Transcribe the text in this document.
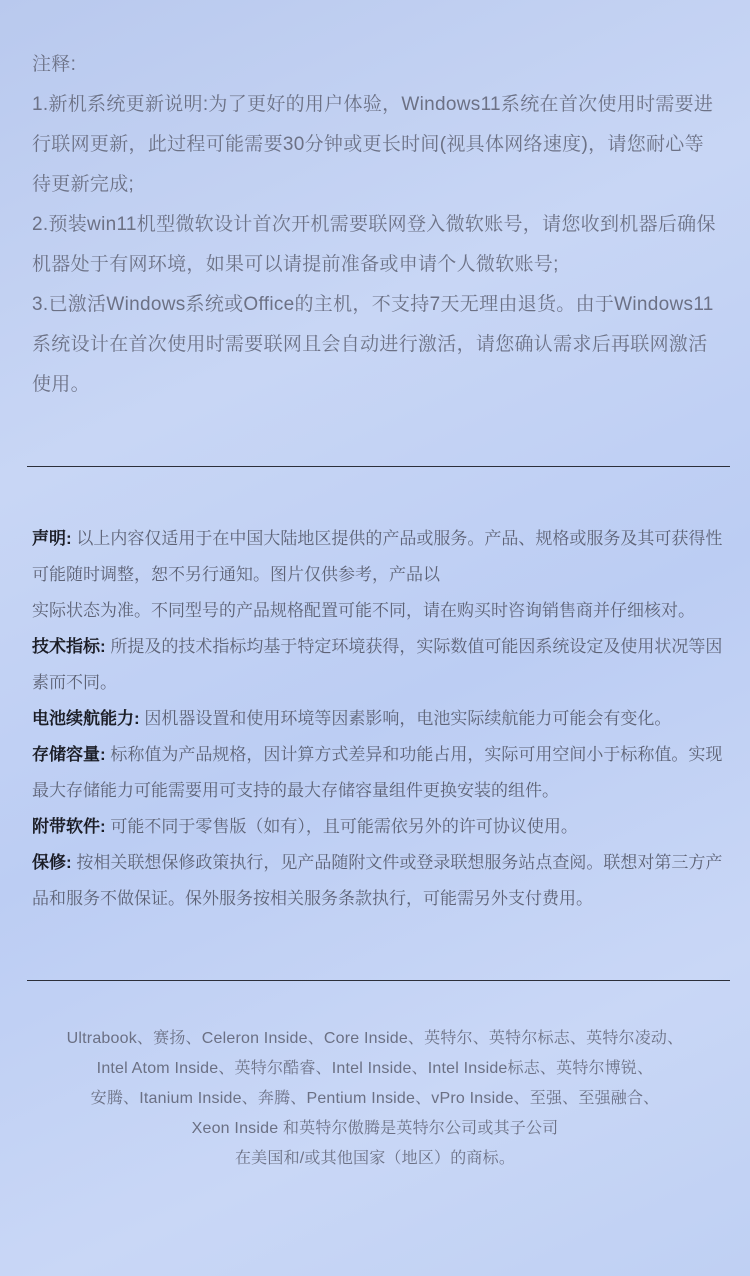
注释:

1.新机系统更新说明:为了更好的用户体验，Windows11系统在首次使用时需要进行联网更新，此过程可能需要30分钟或更长时间(视具体网络速度)，请您耐心等待更新完成;

2.预装win11机型微软设计首次开机需要联网登入微软账号，请您收到机器后确保机器处于有网环境，如果可以请提前准备或申请个人微软账号;

3.已激活Windows系统或Office的主机，不支持7天无理由退货。由于Windows11系统设计在首次使用时需要联网且会自动进行激活，请您确认需求后再联网激活使用。

声明: 以上内容仅适用于在中国大陆地区提供的产品或服务。产品、规格或服务及其可获得性可能随时调整，恕不另行通知。图片仅供参考，产品以

实际状态为准。不同型号的产品规格配置可能不同，请在购买时咨询销售商并仔细核对。

技术指标: 所提及的技术指标均基于特定环境获得，实际数值可能因系统设定及使用状况等因素而不同。

电池续航能力: 因机器设置和使用环境等因素影响，电池实际续航能力可能会有变化。

存储容量: 标称值为产品规格，因计算方式差异和功能占用，实际可用空间小于标称值。实现最大存储能力可能需要用可支持的最大存储容量组件更换安装的组件。

附带软件: 可能不同于零售版（如有），且可能需依另外的许可协议使用。

保修: 按相关联想保修政策执行，见产品随附文件或登录联想服务站点查阅。联想对第三方产品和服务不做保证。保外服务按相关服务条款执行，可能需另外支付费用。

Ultrabook、赛扬、Celeron Inside、Core Inside、英特尔、英特尔标志、英特尔凌动、

Intel Atom Inside、英特尔酷睿、Intel Inside、Intel Inside标志、英特尔博锐、

安腾、Itanium Inside、奔腾、Pentium Inside、vPro Inside、至强、至强融合、

Xeon Inside 和英特尔傲腾是英特尔公司或其子公司

在美国和/或其他国家（地区）的商标。
